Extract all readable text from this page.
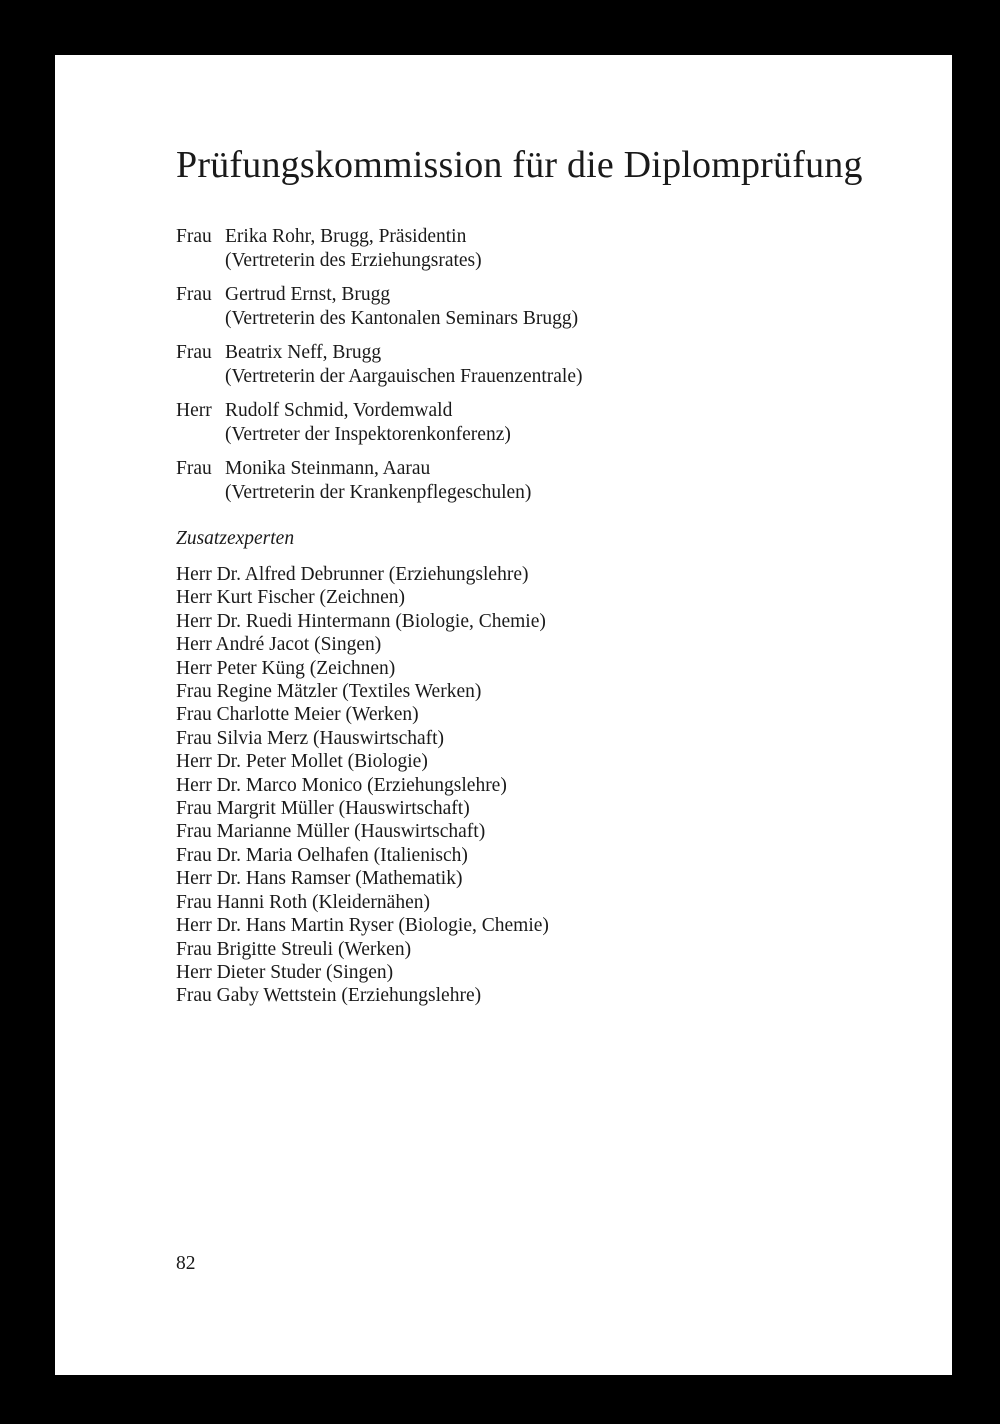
Prüfungskommission für die Diplomprüfung
Frau Erika Rohr, Brugg, Präsidentin
(Vertreterin des Erziehungsrates)
Frau Gertrud Ernst, Brugg
(Vertreterin des Kantonalen Seminars Brugg)
Frau Beatrix Neff, Brugg
(Vertreterin der Aargauischen Frauenzentrale)
Herr Rudolf Schmid, Vordemwald
(Vertreter der Inspektorenkonferenz)
Frau Monika Steinmann, Aarau
(Vertreterin der Krankenpflegeschulen)
Zusatzexperten
Herr Dr. Alfred Debrunner (Erziehungslehre)
Herr Kurt Fischer (Zeichnen)
Herr Dr. Ruedi Hintermann (Biologie, Chemie)
Herr André Jacot (Singen)
Herr Peter Küng (Zeichnen)
Frau Regine Mätzler (Textiles Werken)
Frau Charlotte Meier (Werken)
Frau Silvia Merz (Hauswirtschaft)
Herr Dr. Peter Mollet (Biologie)
Herr Dr. Marco Monico (Erziehungslehre)
Frau Margrit Müller (Hauswirtschaft)
Frau Marianne Müller (Hauswirtschaft)
Frau Dr. Maria Oelhafen (Italienisch)
Herr Dr. Hans Ramser (Mathematik)
Frau Hanni Roth (Kleidernähen)
Herr Dr. Hans Martin Ryser (Biologie, Chemie)
Frau Brigitte Streuli (Werken)
Herr Dieter Studer (Singen)
Frau Gaby Wettstein (Erziehungslehre)
82
